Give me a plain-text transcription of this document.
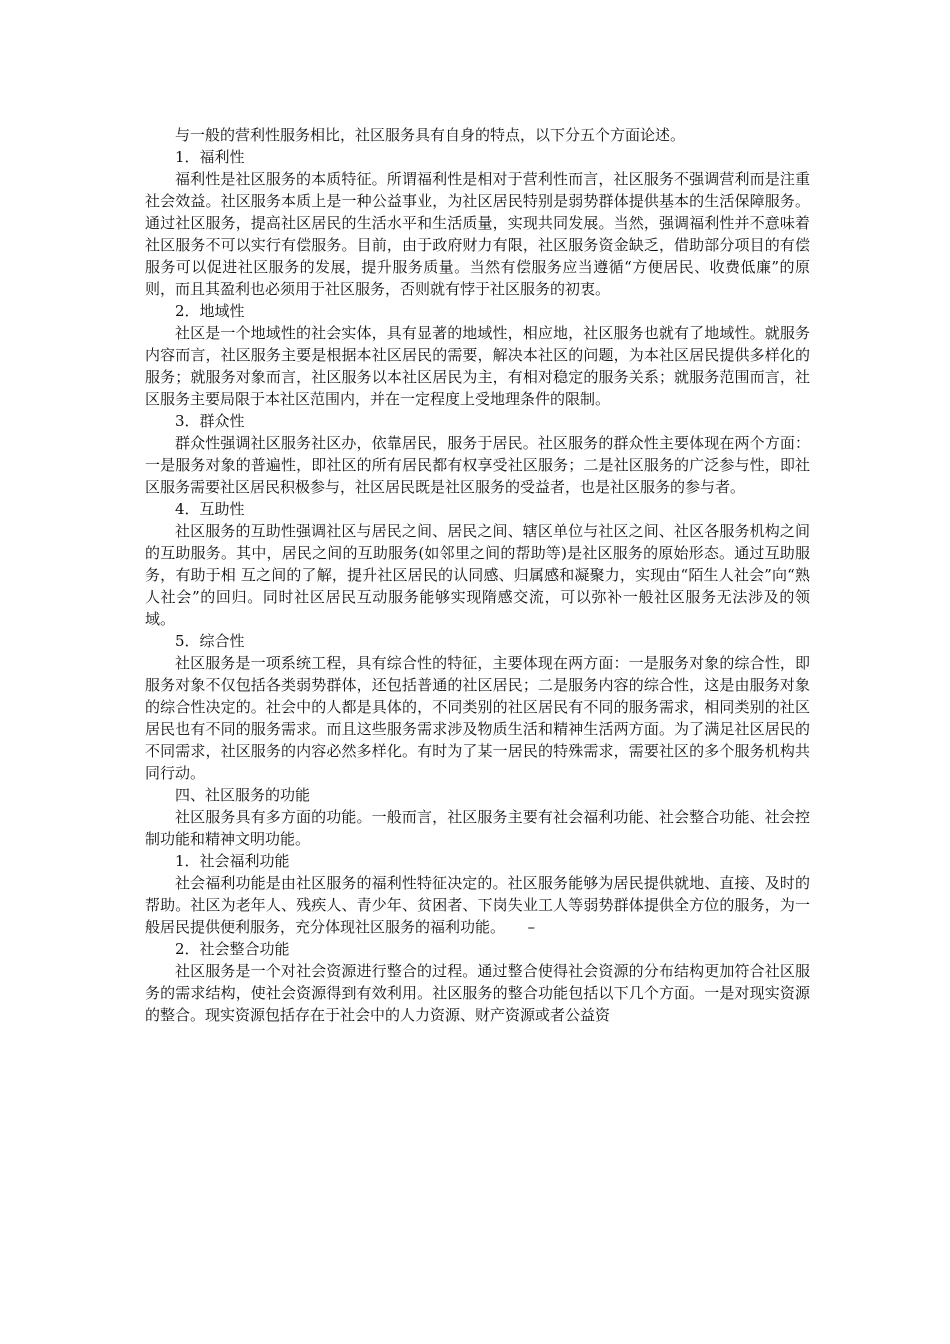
与一般的营利性服务相比，社区服务具有自身的特点，以下分五个方面论述。

1．福利性

福利性是社区服务的本质特征。所谓福利性是相对于营利性而言，社区服务不强调营利而是注重社会效益。社区服务本质上是一种公益事业，为社区居民特别是弱势群体提供基本的生活保障服务。通过社区服务，提高社区居民的生活水平和生活质量，实现共同发展。当然，强调福利性并不意味着社区服务不可以实行有偿服务。目前，由于政府财力有限，社区服务资金缺乏，借助部分项目的有偿服务可以促进社区服务的发展，提升服务质量。当然有偿服务应当遵循“方便居民、收费低廉”的原则，而且其盈利也必须用于社区服务，否则就有悖于社区服务的初衷。

2．地域性

社区是一个地域性的社会实体，具有显著的地域性，相应地，社区服务也就有了地域性。就服务内容而言，社区服务主要是根据本社区居民的需要，解决本社区的问题，为本社区居民提供多样化的服务；就服务对象而言，社区服务以本社区居民为主，有相对稳定的服务关系；就服务范围而言，社区服务主要局限于本社区范围内，并在一定程度上受地理条件的限制。

3．群众性

群众性强调社区服务社区办，依靠居民，服务于居民。社区服务的群众性主要体现在两个方面：一是服务对象的普遍性，即社区的所有居民都有权享受社区服务；二是社区服务的广泛参与性，即社区服务需要社区居民积极参与，社区居民既是社区服务的受益者，也是社区服务的参与者。

4．互助性

社区服务的互助性强调社区与居民之间、居民之间、辖区单位与社区之间、社区各服务机构之间的互助服务。其中，居民之间的互助服务(如邻里之间的帮助等)是社区服务的原始形态。通过互助服务，有助于相 互之间的了解，提升社区居民的认同感、归属感和凝聚力，实现由“陌生人社会”向“熟人社会”的回归。同时社区居民互动服务能够实现隋感交流，可以弥补一般社区服务无法涉及的领域。

5．综合性

社区服务是一项系统工程，具有综合性的特征，主要体现在两方面：一是服务对象的综合性，即服务对象不仅包括各类弱势群体，还包括普通的社区居民；二是服务内容的综合性，这是由服务对象的综合性决定的。社会中的人都是具体的，不同类别的社区居民有不同的服务需求，相同类别的社区居民也有不同的服务需求。而且这些服务需求涉及物质生活和精神生活两方面。为了满足社区居民的不同需求，社区服务的内容必然多样化。有时为了某一居民的特殊需求，需要社区的多个服务机构共同行动。

四、社区服务的功能

社区服务具有多方面的功能。一般而言，社区服务主要有社会福利功能、社会整合功能、社会控制功能和精神文明功能。

1．社会福利功能

社会福利功能是由社区服务的福利性特征决定的。社区服务能够为居民提供就地、直接、及时的帮助。社区为老年人、残疾人、青少年、贫困者、下岗失业工人等弱势群体提供全方位的服务，为一般居民提供便利服务，充分体现社区服务的福利功能。　　–

2．社会整合功能

社区服务是一个对社会资源进行整合的过程。通过整合使得社会资源的分布结构更加符合社区服务的需求结构，使社会资源得到有效利用。社区服务的整合功能包括以下几个方面。一是对现实资源的整合。现实资源包括存在于社会中的人力资源、财产资源或者公益资
